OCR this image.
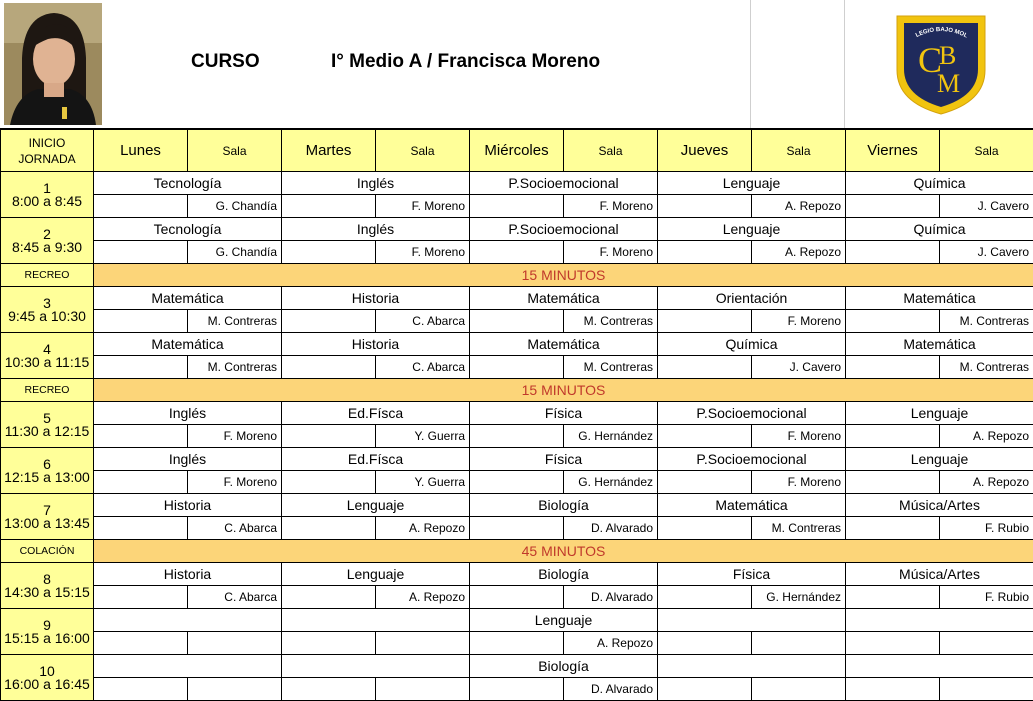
CURSO	I° Medio A / Francisca Moreno
LEGIO BAJO MOL
C
B
M
INICIO
JORNADA	Lunes	Sala	Martes	Sala	Miércoles	Sala	Jueves	Sala	Viernes	Sala

1
8:00 a 8:45	Tecnología		Inglés		P.Socioemocional		Lenguaje		Química	
		G. Chandía		F. Moreno		F. Moreno		A. Repozo		J. Cavero

2
8:45 a 9:30	Tecnología		Inglés		P.Socioemocional		Lenguaje		Química	
		G. Chandía		F. Moreno		F. Moreno		A. Repozo		J. Cavero
RECREO	15 MINUTOS									

3
9:45 a 10:30	Matemática		Historia		Matemática		Orientación		Matemática	
		M. Contreras		C. Abarca		M. Contreras		F. Moreno		M. Contreras

4
10:30 a 11:15	Matemática		Historia		Matemática		Química		Matemática	
		M. Contreras		C. Abarca		M. Contreras		J. Cavero		M. Contreras
RECREO	15 MINUTOS									

5
11:30 a 12:15	Inglés		Ed.Físca		Física		P.Socioemocional		Lenguaje	
		F. Moreno		Y. Guerra		G. Hernández		F. Moreno		A. Repozo

6
12:15 a 13:00	Inglés		Ed.Físca		Física		P.Socioemocional		Lenguaje	
		F. Moreno		Y. Guerra		G. Hernández		F. Moreno		A. Repozo

7
13:00 a 13:45	Historia		Lenguaje		Biología		Matemática		Música/Artes	
		C. Abarca		A. Repozo		D. Alvarado		M. Contreras		F. Rubio
COLACIÓN	45 MINUTOS									

8
14:30 a 15:15	Historia		Lenguaje		Biología		Física		Música/Artes	
		C. Abarca		A. Repozo		D. Alvarado		G. Hernández		F. Rubio

9
15:15 a 16:00					Lenguaje					
						A. Repozo				

10
16:00 a 16:45					Biología					
						D. Alvarado				
